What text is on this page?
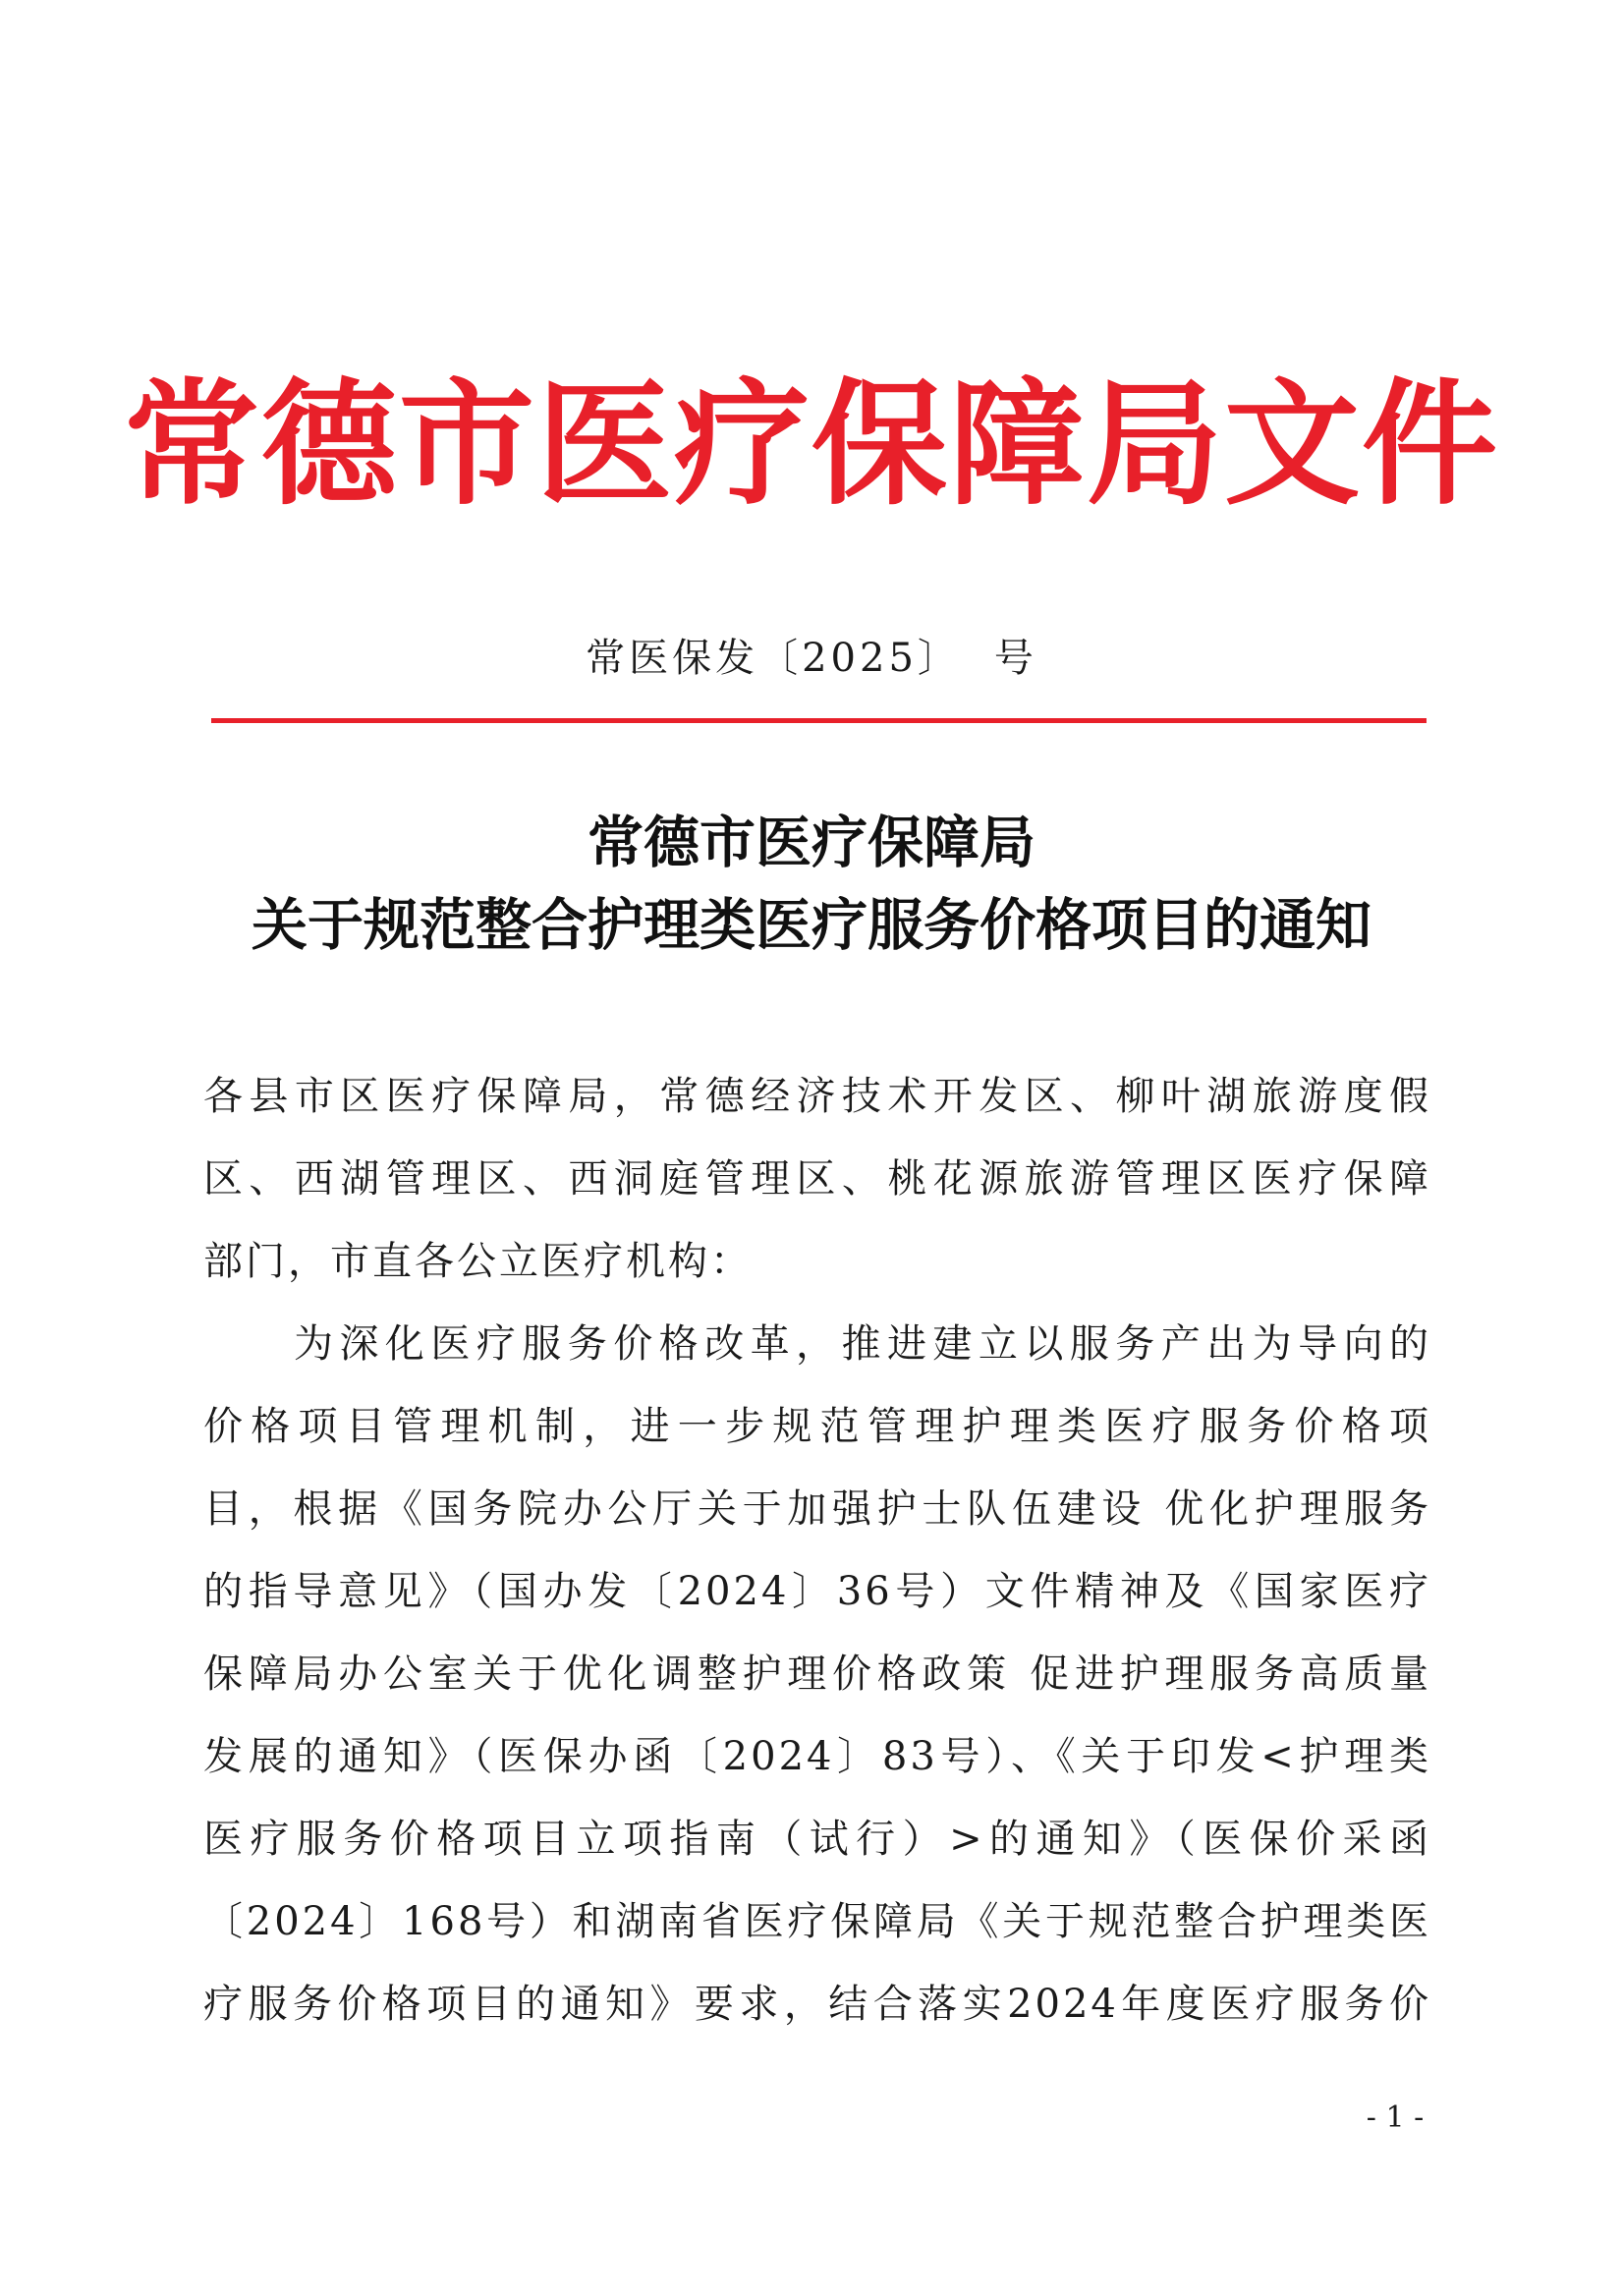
常德市医疗保障局文件
常医保发〔2025〕 号
常德市医疗保障局
关于规范整合护理类医疗服务价格项目的通知
各县市区医疗保障局，常德经济技术开发区、柳叶湖旅游度假
区、西湖管理区、西洞庭管理区、桃花源旅游管理区医疗保障
部门，市直各公立医疗机构：
为深化医疗服务价格改革，推进建立以服务产出为导向的
价格项目管理机制，进一步规范管理护理类医疗服务价格项
目，根据《国务院办公厅关于加强护士队伍建设 优化护理服务
的指导意见》（国办发〔2024〕36号）文件精神及《国家医疗
保障局办公室关于优化调整护理价格政策 促进护理服务高质量
发展的通知》（医保办函〔2024〕83号）、《关于印发<护理类
医疗服务价格项目立项指南（试行）>的通知》（医保价采函
〔2024〕168号）和湖南省医疗保障局《关于规范整合护理类医
疗服务价格项目的通知》要求，结合落实2024年度医疗服务价
- 1 -
